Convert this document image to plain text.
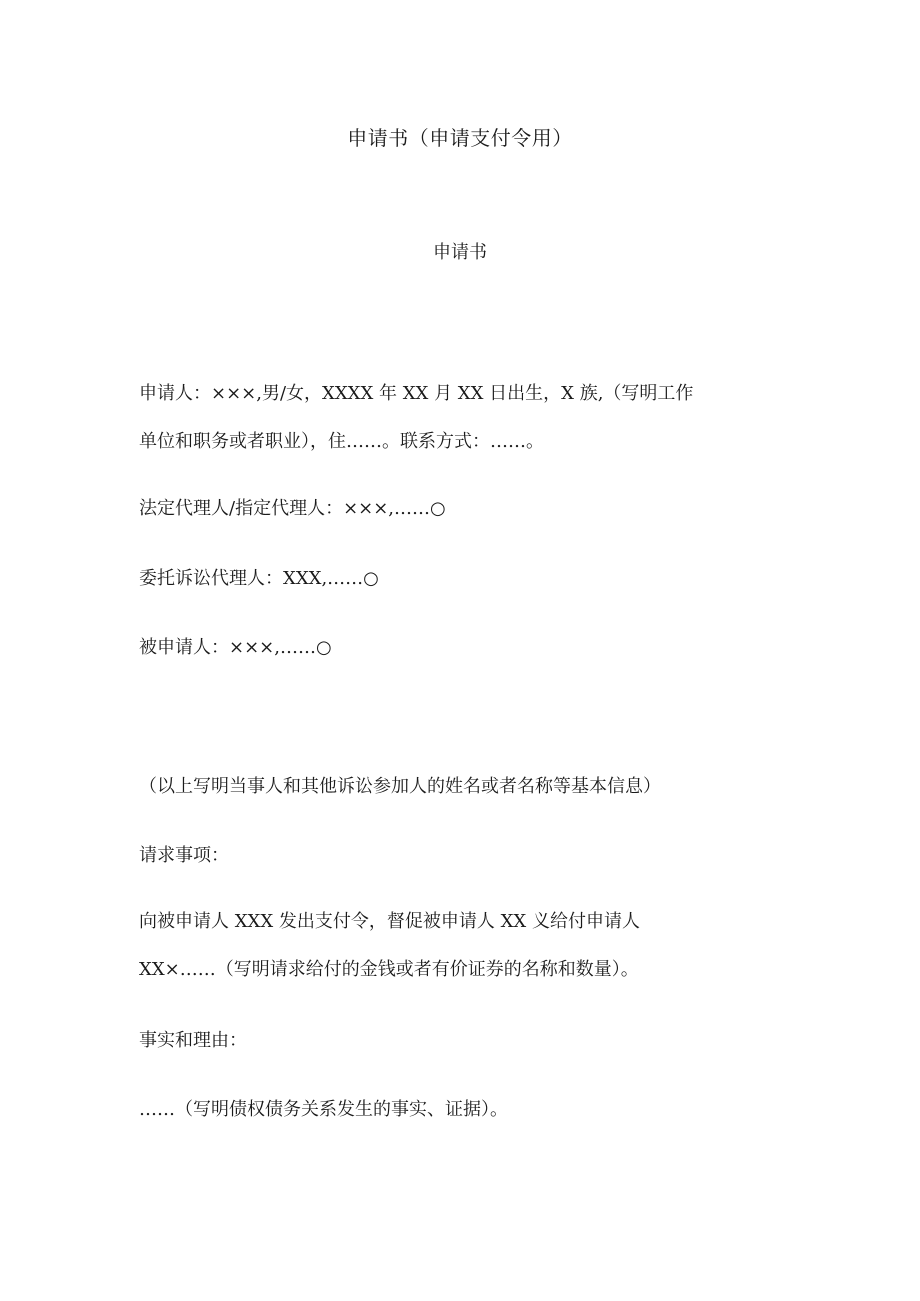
申请书（申请支付令用）
申请书
申请人：×××,男/女，XXXX 年 XX 月 XX 日出生，X 族,（写明工作
单位和职务或者职业），住……。联系方式：……。
法定代理人/指定代理人：×××,……○
委托诉讼代理人：XXX,……○
被申请人：×××,……○
（以上写明当事人和其他诉讼参加人的姓名或者名称等基本信息）
请求事项：
向被申请人 XXX 发出支付令，督促被申请人 XX 义给付申请人
XX×……（写明请求给付的金钱或者有价证券的名称和数量）。
事实和理由：
……（写明债权债务关系发生的事实、证据）。
